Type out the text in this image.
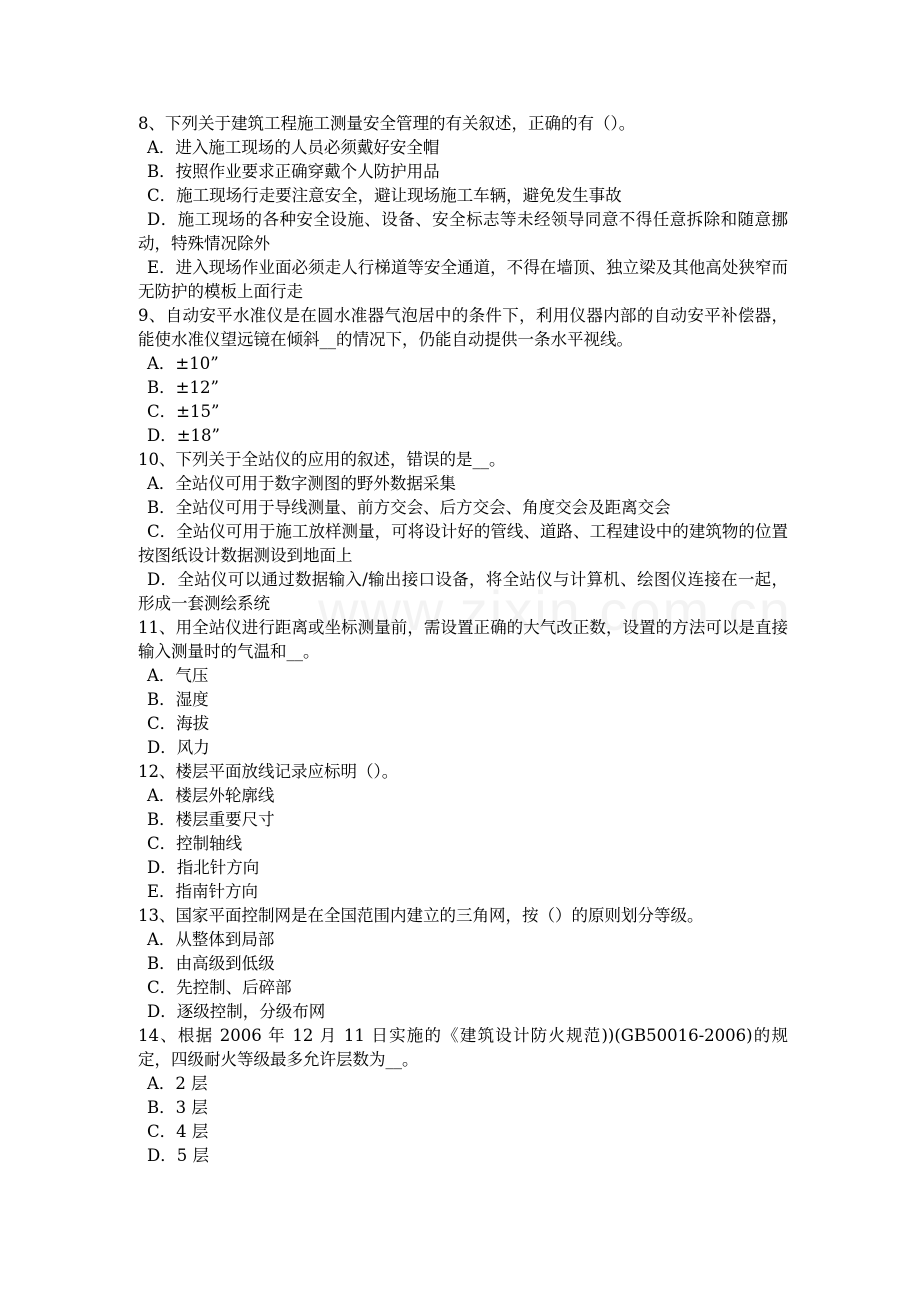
8、下列关于建筑工程施工测量安全管理的有关叙述，正确的有（）。

A．进入施工现场的人员必须戴好安全帽

B．按照作业要求正确穿戴个人防护用品

C．施工现场行走要注意安全，避让现场施工车辆，避免发生事故

D．施工现场的各种安全设施、设备、安全标志等未经领导同意不得任意拆除和随意挪动，特殊情况除外

E．进入现场作业面必须走人行梯道等安全通道，不得在墙顶、独立梁及其他高处狭窄而无防护的模板上面行走

9、自动安平水准仪是在圆水准器气泡居中的条件下，利用仪器内部的自动安平补偿器，能使水准仪望远镜在倾斜__的情况下，仍能自动提供一条水平视线。

A．±10”

B．±12”

C．±15”

D．±18”

10、下列关于全站仪的应用的叙述，错误的是__。

A．全站仪可用于数字测图的野外数据采集

B．全站仪可用于导线测量、前方交会、后方交会、角度交会及距离交会

C．全站仪可用于施工放样测量，可将设计好的管线、道路、工程建设中的建筑物的位置按图纸设计数据测设到地面上

D．全站仪可以通过数据输入/输出接口设备，将全站仪与计算机、绘图仪连接在一起，形成一套测绘系统

11、用全站仪进行距离或坐标测量前，需设置正确的大气改正数，设置的方法可以是直接输入测量时的气温和__。

A．气压

B．湿度

C．海拔

D．风力

12、楼层平面放线记录应标明（）。

A．楼层外轮廓线

B．楼层重要尺寸

C．控制轴线

D．指北针方向

E．指南针方向

13、国家平面控制网是在全国范围内建立的三角网，按（）的原则划分等级。

A．从整体到局部

B．由高级到低级

C．先控制、后碎部

D．逐级控制，分级布网

14、根据 2006 年 12 月 11 日实施的《建筑设计防火规范))(GB50016-2006)的规定，四级耐火等级最多允许层数为__。

A．2 层

B．3 层

C．4 层

D．5 层
